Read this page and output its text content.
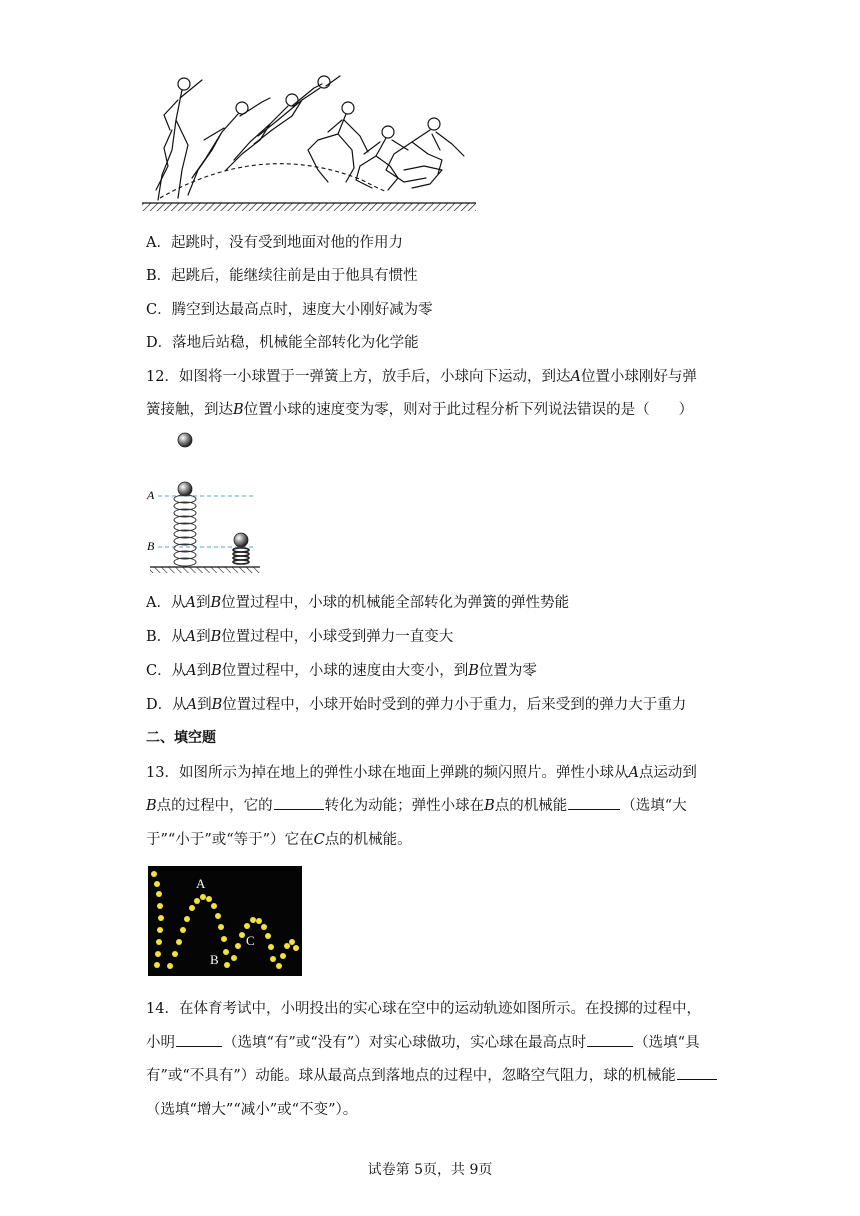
A．起跳时，没有受到地面对他的作用力
B．起跳后，能继续往前是由于他具有惯性
C．腾空到达最高点时，速度大小刚好减为零
D．落地后站稳，机械能全部转化为化学能
12．如图将一小球置于一弹簧上方，放手后，小球向下运动，到达A位置小球刚好与弹
簧接触，到达B位置小球的速度变为零，则对于此过程分析下列说法错误的是（　　）
A
B
A．从A到B位置过程中，小球的机械能全部转化为弹簧的弹性势能
B．从A到B位置过程中，小球受到弹力一直变大
C．从A到B位置过程中，小球的速度由大变小，到B位置为零
D．从A到B位置过程中，小球开始时受到的弹力小于重力，后来受到的弹力大于重力
二、填空题
13．如图所示为掉在地上的弹性小球在地面上弹跳的频闪照片。弹性小球从A点运动到
B点的过程中，它的	转化为动能；弹性小球在B点的机械能	（选填“大
于”“小于”或“等于”）它在C点的机械能。
A
B
C
14．在体育考试中，小明投出的实心球在空中的运动轨迹如图所示。在投掷的过程中，
小明	（选填“有”或“没有”）对实心球做功，实心球在最高点时	（选填“具
有”或“不具有”）动能。球从最高点到落地点的过程中，忽略空气阻力，球的机械能
（选填“增大”“减小”或“不变”）。
试卷第 5页，共 9页
